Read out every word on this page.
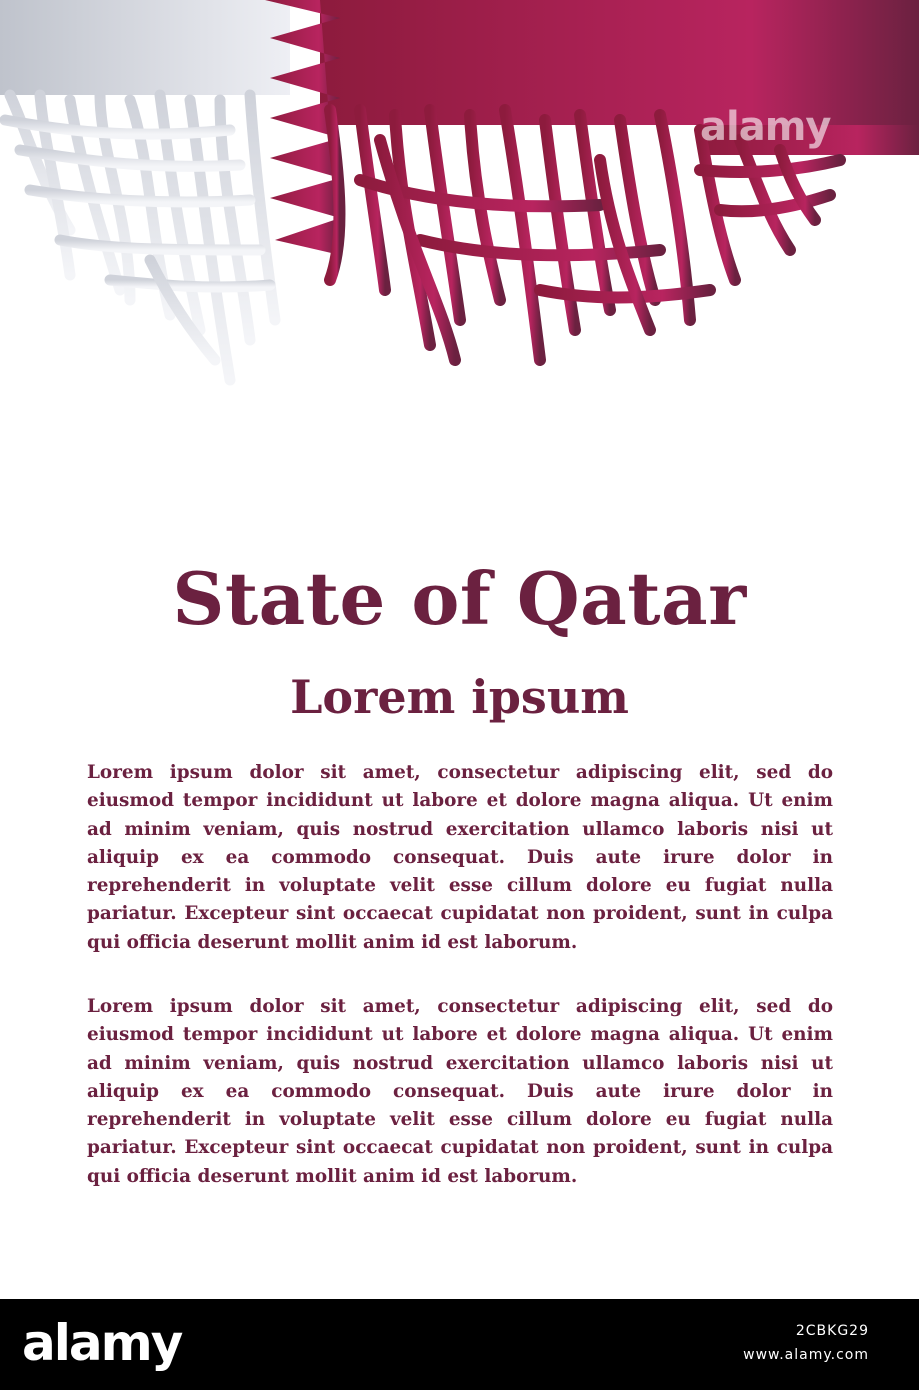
alamy
State of Qatar
Lorem ipsum

Lorem ipsum dolor sit amet, consectetur adipiscing elit, sed do eiusmod tempor incididunt ut labore et dolore magna aliqua. Ut enim ad minim veniam, quis nostrud exercitation ullamco laboris nisi ut aliquip ex ea commodo consequat. Duis aute irure dolor in reprehenderit in voluptate velit esse cillum dolore eu fugiat nulla pariatur. Excepteur sint occaecat cupidatat non proident, sunt in culpa qui officia deserunt mollit anim id est laborum.

Lorem ipsum dolor sit amet, consectetur adipiscing elit, sed do eiusmod tempor incididunt ut labore et dolore magna aliqua. Ut enim ad minim veniam, quis nostrud exercitation ullamco laboris nisi ut aliquip ex ea commodo consequat. Duis aute irure dolor in reprehenderit in voluptate velit esse cillum dolore eu fugiat nulla pariatur. Excepteur sint occaecat cupidatat non proident, sunt in culpa qui officia deserunt mollit anim id est laborum.

alamy	2CBKG29
www.alamy.com
